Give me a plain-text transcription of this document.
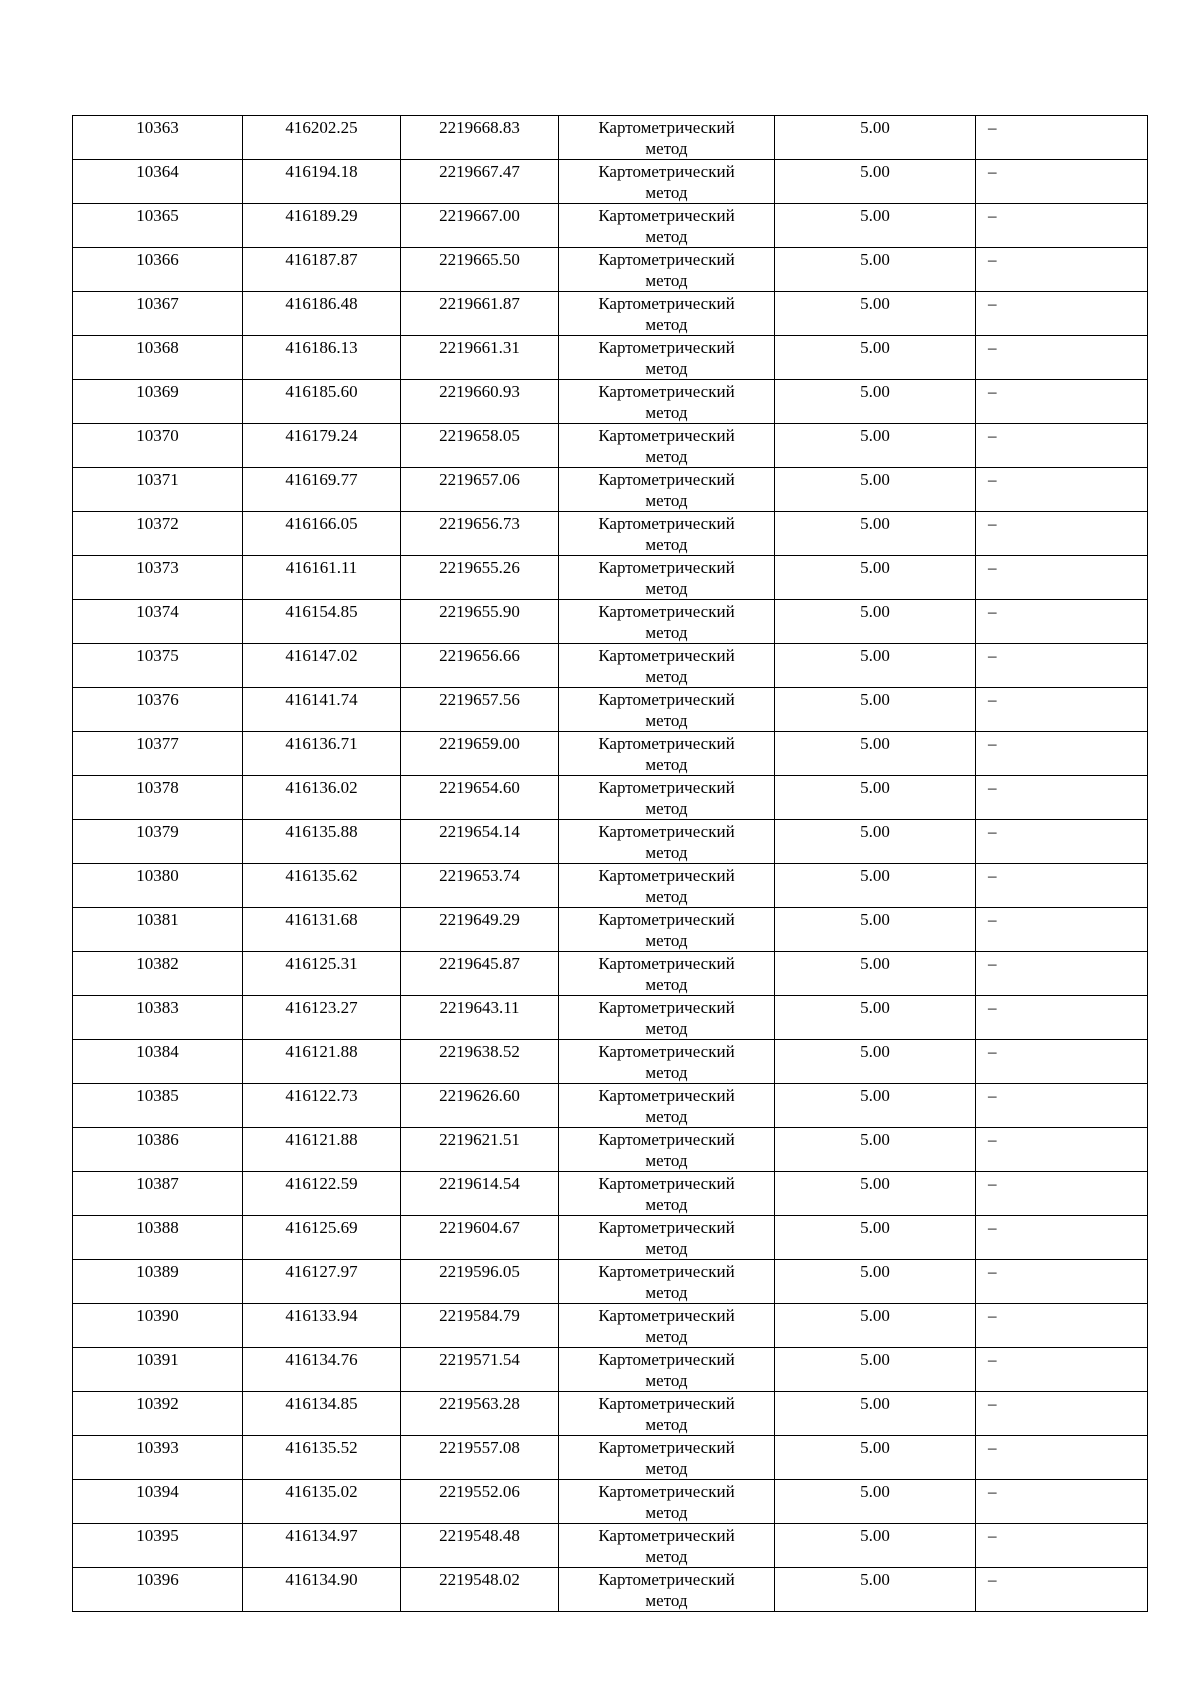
10363	416202.25	2219668.83	Картометрический
метод	5.00	–
10364	416194.18	2219667.47	Картометрический
метод	5.00	–
10365	416189.29	2219667.00	Картометрический
метод	5.00	–
10366	416187.87	2219665.50	Картометрический
метод	5.00	–
10367	416186.48	2219661.87	Картометрический
метод	5.00	–
10368	416186.13	2219661.31	Картометрический
метод	5.00	–
10369	416185.60	2219660.93	Картометрический
метод	5.00	–
10370	416179.24	2219658.05	Картометрический
метод	5.00	–
10371	416169.77	2219657.06	Картометрический
метод	5.00	–
10372	416166.05	2219656.73	Картометрический
метод	5.00	–
10373	416161.11	2219655.26	Картометрический
метод	5.00	–
10374	416154.85	2219655.90	Картометрический
метод	5.00	–
10375	416147.02	2219656.66	Картометрический
метод	5.00	–
10376	416141.74	2219657.56	Картометрический
метод	5.00	–
10377	416136.71	2219659.00	Картометрический
метод	5.00	–
10378	416136.02	2219654.60	Картометрический
метод	5.00	–
10379	416135.88	2219654.14	Картометрический
метод	5.00	–
10380	416135.62	2219653.74	Картометрический
метод	5.00	–
10381	416131.68	2219649.29	Картометрический
метод	5.00	–
10382	416125.31	2219645.87	Картометрический
метод	5.00	–
10383	416123.27	2219643.11	Картометрический
метод	5.00	–
10384	416121.88	2219638.52	Картометрический
метод	5.00	–
10385	416122.73	2219626.60	Картометрический
метод	5.00	–
10386	416121.88	2219621.51	Картометрический
метод	5.00	–
10387	416122.59	2219614.54	Картометрический
метод	5.00	–
10388	416125.69	2219604.67	Картометрический
метод	5.00	–
10389	416127.97	2219596.05	Картометрический
метод	5.00	–
10390	416133.94	2219584.79	Картометрический
метод	5.00	–
10391	416134.76	2219571.54	Картометрический
метод	5.00	–
10392	416134.85	2219563.28	Картометрический
метод	5.00	–
10393	416135.52	2219557.08	Картометрический
метод	5.00	–
10394	416135.02	2219552.06	Картометрический
метод	5.00	–
10395	416134.97	2219548.48	Картометрический
метод	5.00	–
10396	416134.90	2219548.02	Картометрический
метод	5.00	–
